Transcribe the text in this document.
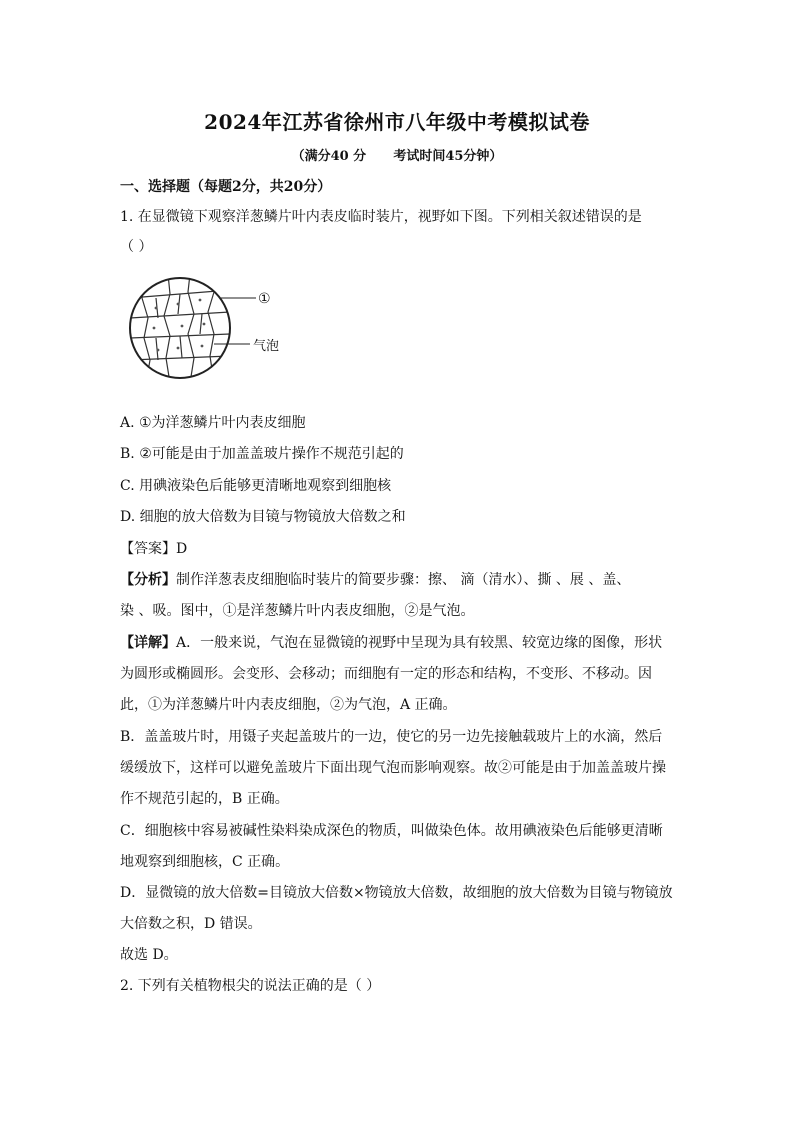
2024年江苏省徐州市八年级中考模拟试卷
（满分40 分      考试时间45分钟）
一、选择题（每题2分，共20分）
1. 在显微镜下观察洋葱鳞片叶内表皮临时装片，视野如下图。下列相关叙述错误的是
（ ）
①
气泡
A. ①为洋葱鳞片叶内表皮细胞
B. ②可能是由于加盖盖玻片操作不规范引起的
C. 用碘液染色后能够更清晰地观察到细胞核
D. 细胞的放大倍数为目镜与物镜放大倍数之和
【答案】D
【分析】制作洋葱表皮细胞临时装片的简要步骤：擦、 滴（清水）、撕 、展 、盖、
染 、吸。图中，①是洋葱鳞片叶内表皮细胞，②是气泡。
【详解】A．一般来说，气泡在显微镜的视野中呈现为具有较黑、较宽边缘的图像，形状
为圆形或椭圆形。会变形、会移动；而细胞有一定的形态和结构，不变形、不移动。因
此，①为洋葱鳞片叶内表皮细胞，②为气泡，A 正确。
B．盖盖玻片时，用镊子夹起盖玻片的一边，使它的另一边先接触载玻片上的水滴，然后
缓缓放下，这样可以避免盖玻片下面出现气泡而影响观察。故②可能是由于加盖盖玻片操
作不规范引起的，B 正确。
C．细胞核中容易被碱性染料染成深色的物质，叫做染色体。故用碘液染色后能够更清晰
地观察到细胞核，C 正确。
D．显微镜的放大倍数=目镜放大倍数×物镜放大倍数，故细胞的放大倍数为目镜与物镜放
大倍数之积，D 错误。
故选 D。
2. 下列有关植物根尖的说法正确的是（ ）
